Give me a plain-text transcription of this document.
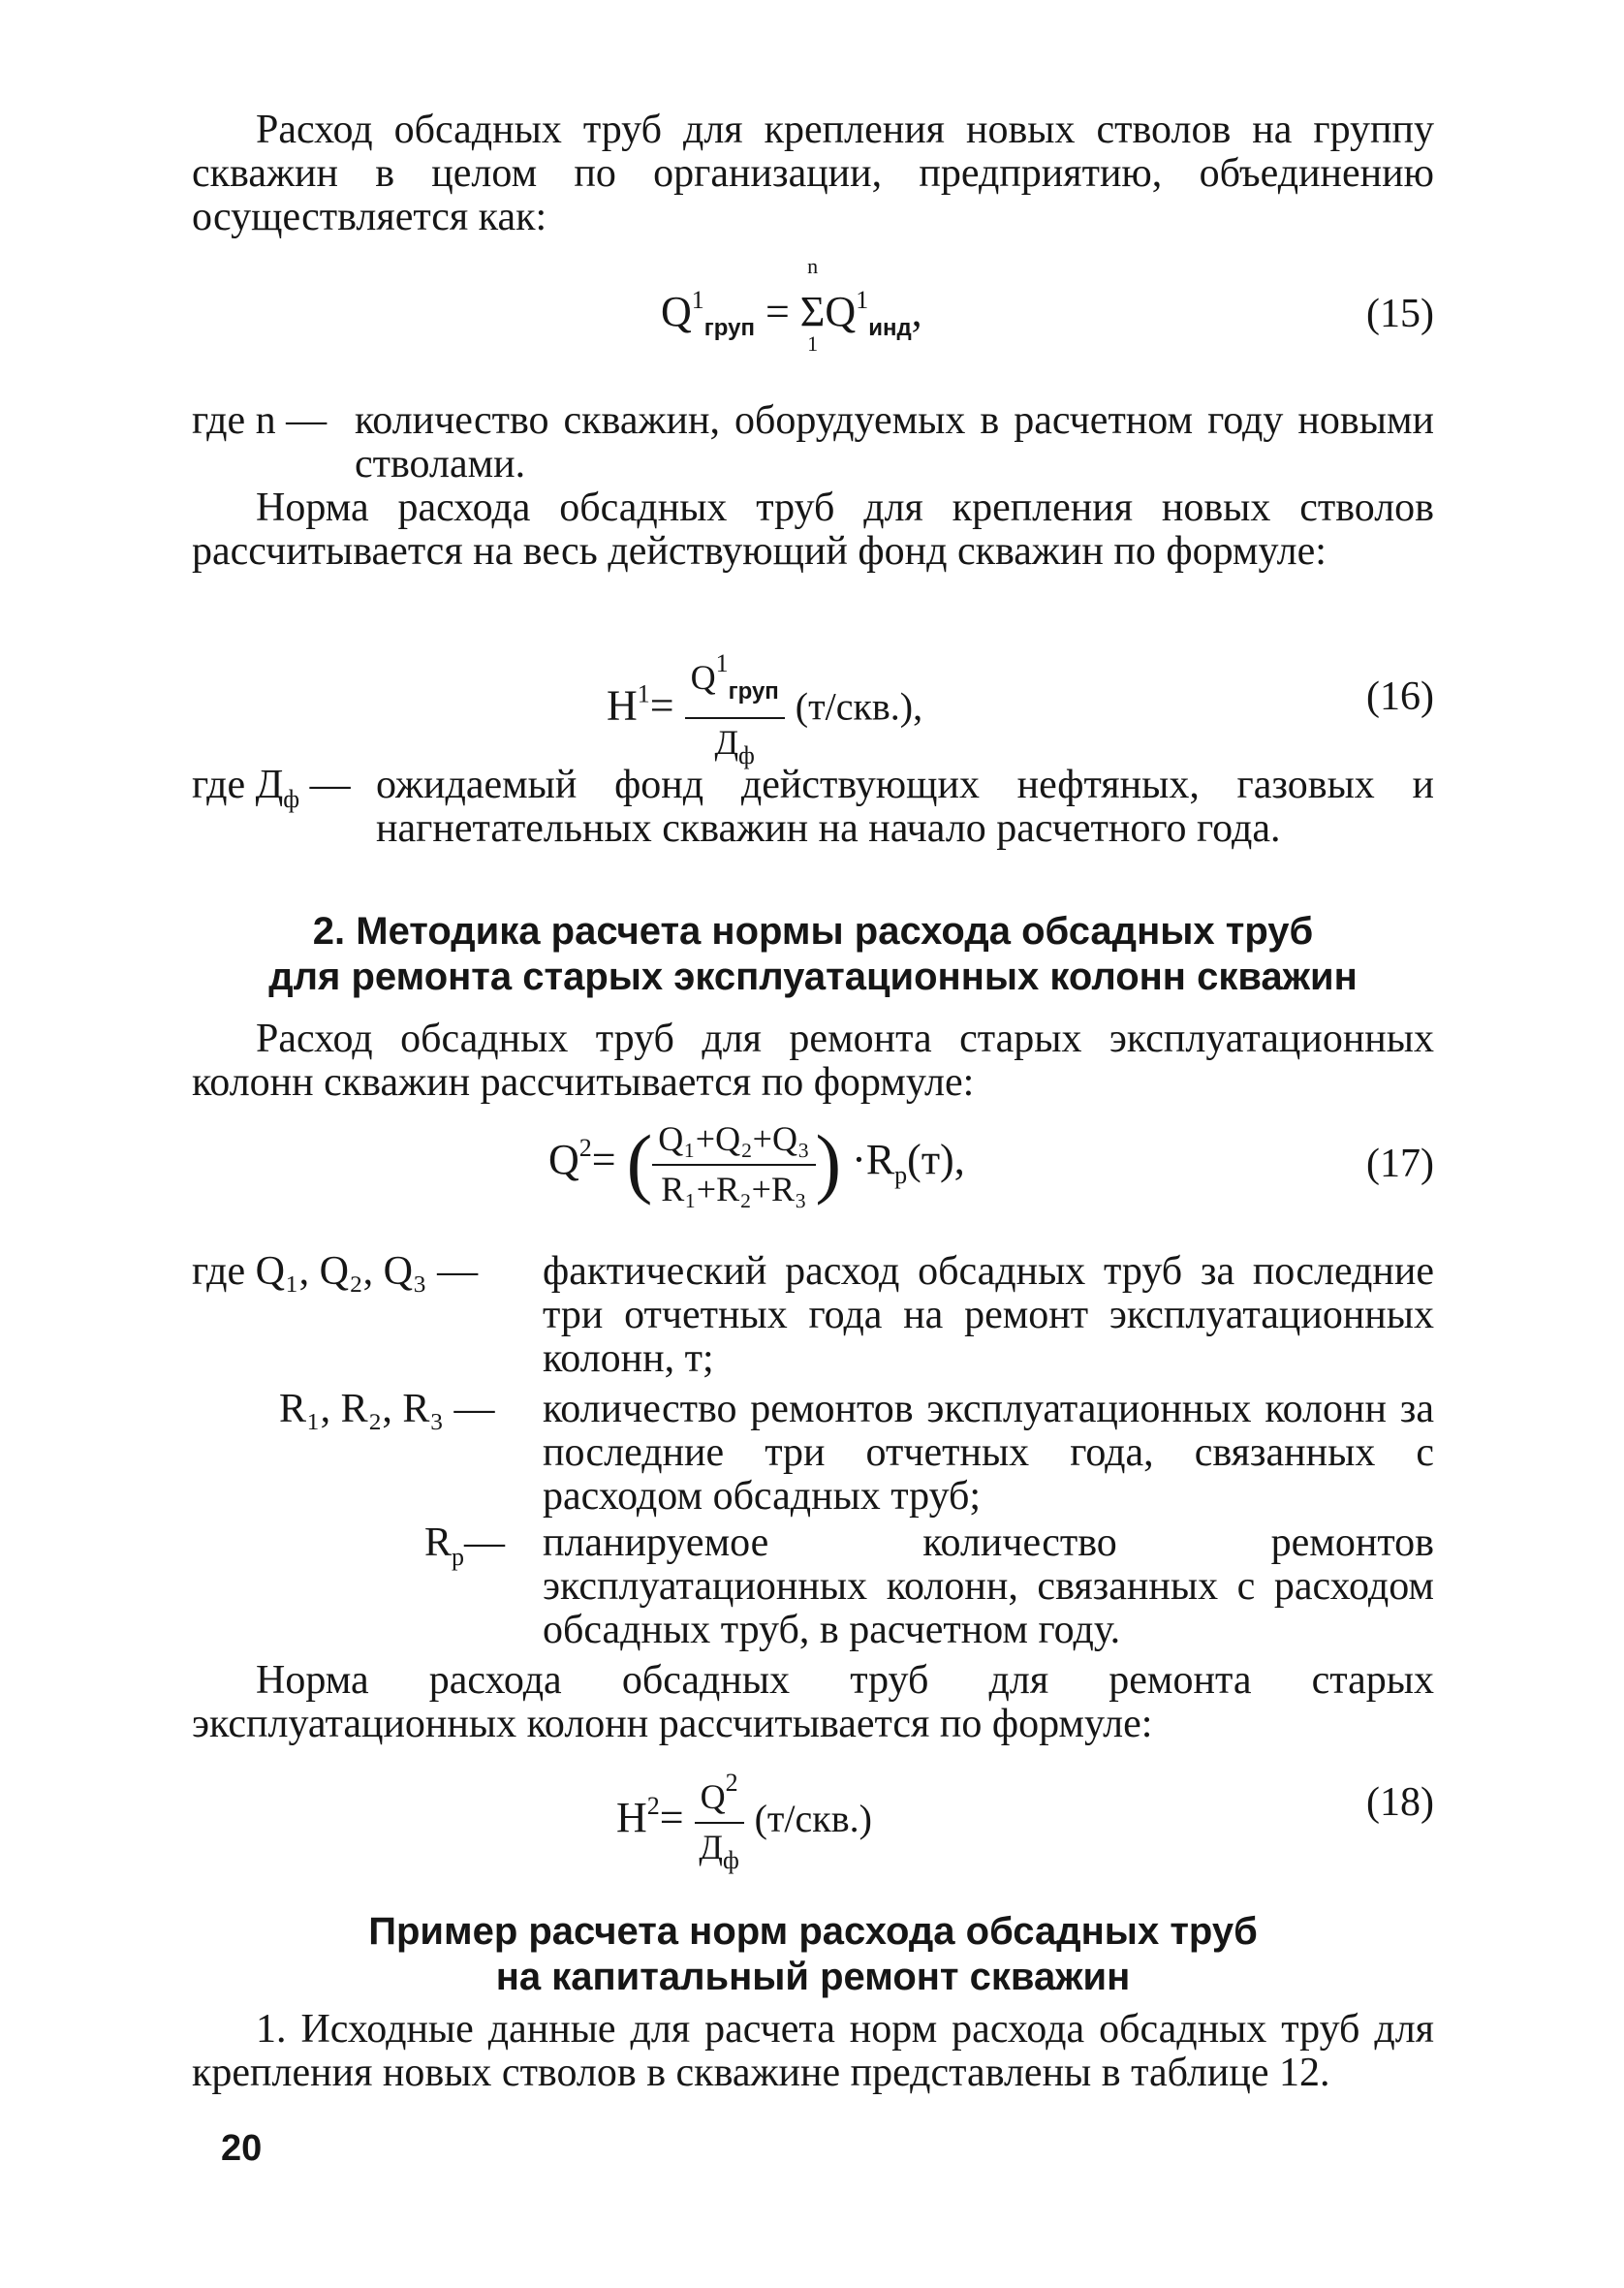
Расход обсадных труб для крепления новых стволов на группу скважин в целом по организации, предприятию, объединению осуществляется как:

$Q^1_{груп}$ =
n
Σ
1
$Q^1_{инд}$,	(15)
где n — количество скважин, оборудуемых в расчетном году новыми стволами.

Норма расхода обсадных труб для крепления новых стволов рассчитывается на весь действующий фонд скважин по формуле:

$H^1= \frac{Q^1_{груп}}{Д_ф} (т/скв.)$,	(16)
где $Д_ф$ — ожидаемый фонд действующих нефтяных, газовых и нагнетательных скважин на начало расчетного года.
2. Методика расчета нормы расхода обсадных труб
для ремонта старых эксплуатационных колонн скважин

Расход обсадных труб для ремонта старых эксплуатационных колонн скважин рассчитывается по формуле:

$Q^2=$ ( $\frac{\text{Q₁+Q₂+Q₃}}{\text{R₁+R₂+R₃}}$ ) $\cdot R_р(т)$,	(17)
где Q₁, Q₂, Q₃ — фактический расход обсадных труб за последние три отчетных года на ремонт эксплуатационных колонн, т;
R₁, R₂, R₃ — количество ремонтов эксплуатационных колонн за последние три отчетных года, связанных с расходом обсадных труб;
$R_р—$ планируемое количество ремонтов эксплуатационных колонн, связанных с расходом обсадных труб, в расчетном году.

Норма расхода обсадных труб для ремонта старых эксплуатационных колонн рассчитывается по формуле:

$H^2= \frac{Q^2}{Д_ф} (т/скв.)$	(18)
Пример расчета норм расхода обсадных труб
на капитальный ремонт скважин

1. Исходные данные для расчета норм расхода обсадных труб для крепления новых стволов в скважине представлены в таблице 12.

20
